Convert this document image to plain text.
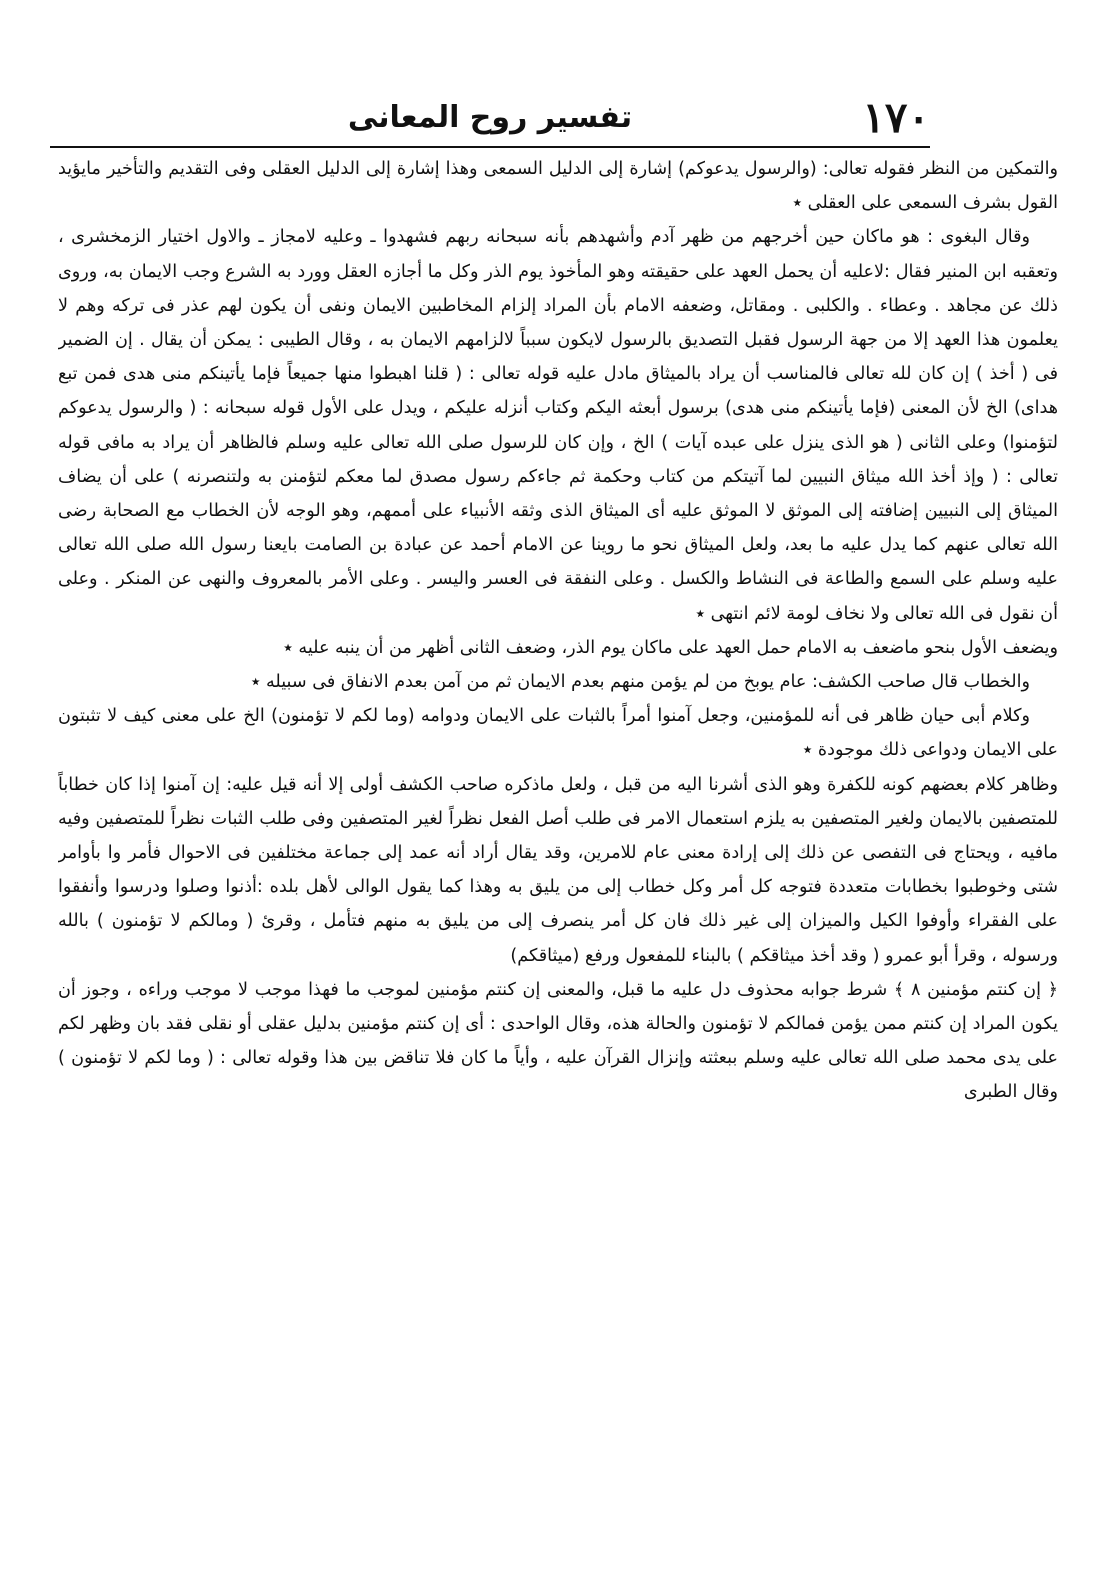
١٧٠
تفسير روح المعانى

والتمكين من النظر فقوله تعالى: (والرسول يدعوكم) إشارة إلى الدليل السمعى وهذا إشارة إلى الدليل العقلى وفى التقديم والتأخير مايؤيد القول بشرف السمعى على العقلى ٭

وقال البغوى : هو ماكان حين أخرجهم من ظهر آدم وأشهدهم بأنه سبحانه ربهم فشهدوا ـ وعليه لامجاز ـ والاول اختيار الزمخشرى ، وتعقبه ابن المنير فقال :لاعليه أن يحمل العهد على حقيقته وهو المأخوذ يوم الذر وكل ما أجازه العقل وورد به الشرع وجب الايمان به، وروى ذلك عن مجاهد . وعطاء . والكلبى . ومقاتل، وضعفه الامام بأن المراد إلزام المخاطبين الايمان ونفى أن يكون لهم عذر فى تركه وهم لا يعلمون هذا العهد إلا من جهة الرسول فقبل التصديق بالرسول لايكون سبباً لالزامهم الايمان به ، وقال الطيبى : يمكن أن يقال . إن الضمير فى ( أخذ ) إن كان لله تعالى فالمناسب أن يراد بالميثاق مادل عليه قوله تعالى : ( قلنا اهبطوا منها جميعاً فإما يأتينكم منى هدى فمن تبع هداى) الخ لأن المعنى (فإما يأتينكم منى هدى) برسول أبعثه اليكم وكتاب أنزله عليكم ، ويدل على الأول قوله سبحانه : ( والرسول يدعوكم لتؤمنوا) وعلى الثانى ( هو الذى ينزل على عبده آيات ) الخ ، وإن كان للرسول صلى الله تعالى عليه وسلم فالظاهر أن يراد به مافى قوله تعالى : ( وإذ أخذ الله ميثاق النبيين لما آتيتكم من كتاب وحكمة ثم جاءكم رسول مصدق لما معكم لتؤمنن به ولتنصرنه ) على أن يضاف الميثاق إلى النبيين إضافته إلى الموثق لا الموثق عليه أى الميثاق الذى وثقه الأنبياء على أممهم، وهو الوجه لأن الخطاب مع الصحابة رضى الله تعالى عنهم كما يدل عليه ما بعد، ولعل الميثاق نحو ما روينا عن الامام أحمد عن عبادة بن الصامت بايعنا رسول الله صلى الله تعالى عليه وسلم على السمع والطاعة فى النشاط والكسل . وعلى النفقة فى العسر واليسر . وعلى الأمر بالمعروف والنهى عن المنكر . وعلى أن نقول فى الله تعالى ولا نخاف لومة لائم انتهى ٭

ويضعف الأول بنحو ماضعف به الامام حمل العهد على ماكان يوم الذر، وضعف الثانى أظهر من أن ينبه عليه ٭

والخطاب قال صاحب الكشف: عام يوبخ من لم يؤمن منهم بعدم الايمان ثم من آمن بعدم الانفاق فى سبيله ٭

وكلام أبى حيان ظاهر فى أنه للمؤمنين، وجعل آمنوا أمراً بالثبات على الايمان ودوامه (وما لكم لا تؤمنون) الخ على معنى كيف لا تثبتون على الايمان ودواعى ذلك موجودة ٭

وظاهر كلام بعضهم كونه للكفرة وهو الذى أشرنا اليه من قبل ، ولعل ماذكره صاحب الكشف أولى إلا أنه قيل عليه: إن آمنوا إذا كان خطاباً للمتصفين بالايمان ولغير المتصفين به يلزم استعمال الامر فى طلب أصل الفعل نظراً لغير المتصفين وفى طلب الثبات نظراً للمتصفين وفيه مافيه ، ويحتاج فى التفصى عن ذلك إلى إرادة معنى عام للامرين، وقد يقال أراد أنه عمد إلى جماعة مختلفين فى الاحوال فأمر وا بأوامر شتى وخوطبوا بخطابات متعددة فتوجه كل أمر وكل خطاب إلى من يليق به وهذا كما يقول الوالى لأهل بلده :أذنوا وصلوا ودرسوا وأنفقوا على الفقراء وأوفوا الكيل والميزان إلى غير ذلك فان كل أمر ينصرف إلى من يليق به منهم فتأمل ، وقرئ ( ومالكم لا تؤمنون ) بالله ورسوله ، وقرأ أبو عمرو ( وقد أخذ ميثاقكم ) بالبناء للمفعول ورفع (ميثاقكم)

﴿ إن كنتم مؤمنين ٨ ﴾ شرط جوابه محذوف دل عليه ما قبل، والمعنى إن كنتم مؤمنين لموجب ما فهذا موجب لا موجب وراءه ، وجوز أن يكون المراد إن كنتم ممن يؤمن فمالكم لا تؤمنون والحالة هذه، وقال الواحدى : أى إن كنتم مؤمنين بدليل عقلى أو نقلى فقد بان وظهر لكم على يدى محمد صلى الله تعالى عليه وسلم ببعثته وإنزال القرآن عليه ، وأياً ما كان فلا تناقض بين هذا وقوله تعالى : ( وما لكم لا تؤمنون ) وقال الطبرى
